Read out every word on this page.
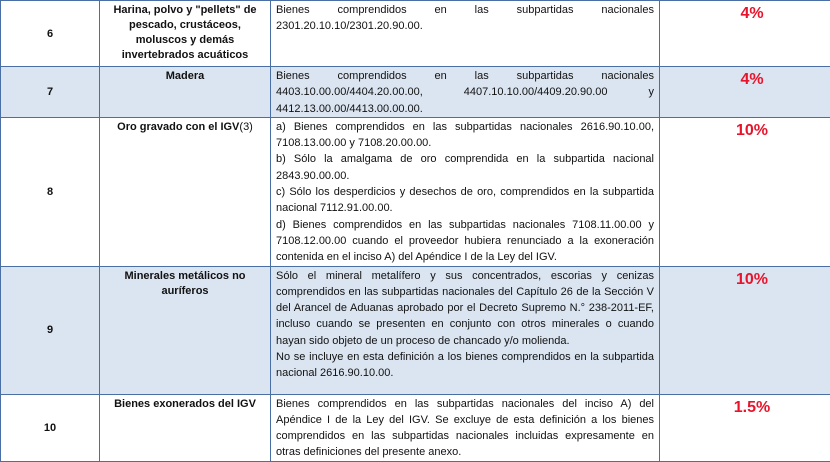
6	Harina, polvo y "pellets" de pescado, crustáceos, moluscos y demás invertebrados acuáticos	Bienes comprendidos en las subpartidas nacionales 2301.20.10.10/2301.20.90.00.	4%
7	Madera	Bienes comprendidos en las subpartidas nacionales 4403.10.00.00/4404.20.00.00, 4407.10.10.00/4409.20.90.00 y 4412.13.00.00/4413.00.00.00.	4%
8	Oro gravado con el IGV(3)	a) Bienes comprendidos en las subpartidas nacionales 2616.90.10.00, 7108.13.00.00 y 7108.20.00.00.
b) Sólo la amalgama de oro comprendida en la subpartida nacional 2843.90.00.00.
c) Sólo los desperdicios y desechos de oro, comprendidos en la subpartida nacional 7112.91.00.00.
d) Bienes comprendidos en las subpartidas nacionales 7108.11.00.00 y 7108.12.00.00 cuando el proveedor hubiera renunciado a la exoneración contenida en el inciso A) del Apéndice I de la Ley del IGV.	10%
9	Minerales metálicos no auríferos	Sólo el mineral metalífero y sus concentrados, escorias y cenizas comprendidos en las subpartidas nacionales del Capítulo 26 de la Sección V del Arancel de Aduanas aprobado por el Decreto Supremo N.° 238-2011-EF, incluso cuando se presenten en conjunto con otros minerales o cuando hayan sido objeto de un proceso de chancado y/o molienda.
No se incluye en esta definición a los bienes comprendidos en la subpartida nacional 2616.90.10.00.	10%
10	Bienes exonerados del IGV	Bienes comprendidos en las subpartidas nacionales del inciso A) del Apéndice I de la Ley del IGV. Se excluye de esta definición a los bienes comprendidos en las subpartidas nacionales incluidas expresamente en otras definiciones del presente anexo.	1.5%
